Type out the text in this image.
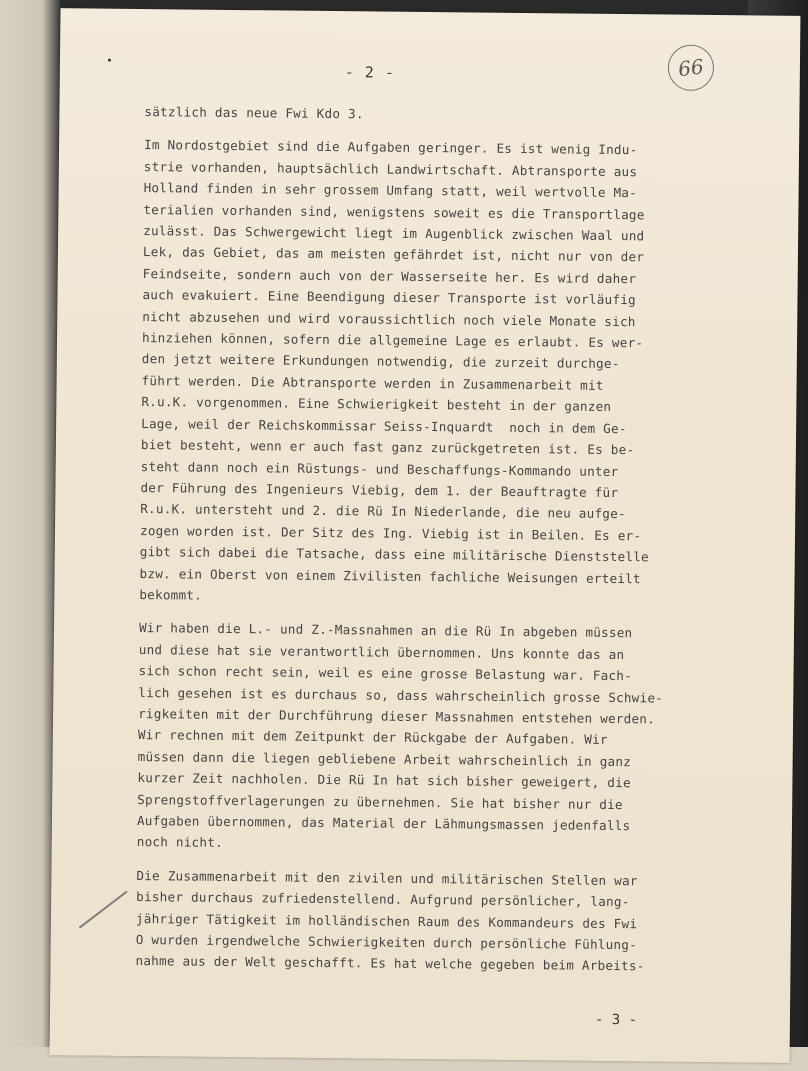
- 2 -	66
sätzlich das neue Fwi Kdo 3.
Im Nordostgebiet sind die Aufgaben geringer. Es ist wenig Indu-
strie vorhanden, hauptsächlich Landwirtschaft. Abtransporte aus
Holland finden in sehr grossem Umfang statt, weil wertvolle Ma-
terialien vorhanden sind, wenigstens soweit es die Transportlage
zulässt. Das Schwergewicht liegt im Augenblick zwischen Waal und
Lek, das Gebiet, das am meisten gefährdet ist, nicht nur von der
Feindseite, sondern auch von der Wasserseite her. Es wird daher
auch evakuiert. Eine Beendigung dieser Transporte ist vorläufig
nicht abzusehen und wird voraussichtlich noch viele Monate sich
hinziehen können, sofern die allgemeine Lage es erlaubt. Es wer-
den jetzt weitere Erkundungen notwendig, die zurzeit durchge-
führt werden. Die Abtransporte werden in Zusammenarbeit mit
R.u.K. vorgenommen. Eine Schwierigkeit besteht in der ganzen
Lage, weil der Reichskommissar Seiss-Inquardt  noch in dem Ge-
biet besteht, wenn er auch fast ganz zurückgetreten ist. Es be-
steht dann noch ein Rüstungs- und Beschaffungs-Kommando unter
der Führung des Ingenieurs Viebig, dem 1. der Beauftragte für
R.u.K. untersteht und 2. die Rü In Niederlande, die neu aufge-
zogen worden ist. Der Sitz des Ing. Viebig ist in Beilen. Es er-
gibt sich dabei die Tatsache, dass eine militärische Dienststelle
bzw. ein Oberst von einem Zivilisten fachliche Weisungen erteilt
bekommt.
Wir haben die L.- und Z.-Massnahmen an die Rü In abgeben müssen
und diese hat sie verantwortlich übernommen. Uns konnte das an
sich schon recht sein, weil es eine grosse Belastung war. Fach-
lich gesehen ist es durchaus so, dass wahrscheinlich grosse Schwie-
rigkeiten mit der Durchführung dieser Massnahmen entstehen werden.
Wir rechnen mit dem Zeitpunkt der Rückgabe der Aufgaben. Wir
müssen dann die liegen gebliebene Arbeit wahrscheinlich in ganz
kurzer Zeit nachholen. Die Rü In hat sich bisher geweigert, die
Sprengstoffverlagerungen zu übernehmen. Sie hat bisher nur die
Aufgaben übernommen, das Material der Lähmungsmassen jedenfalls
noch nicht.
Die Zusammenarbeit mit den zivilen und militärischen Stellen war
bisher durchaus zufriedenstellend. Aufgrund persönlicher, lang-
jähriger Tätigkeit im holländischen Raum des Kommandeurs des Fwi
O wurden irgendwelche Schwierigkeiten durch persönliche Fühlung-
nahme aus der Welt geschafft. Es hat welche gegeben beim Arbeits-
- 3 -
